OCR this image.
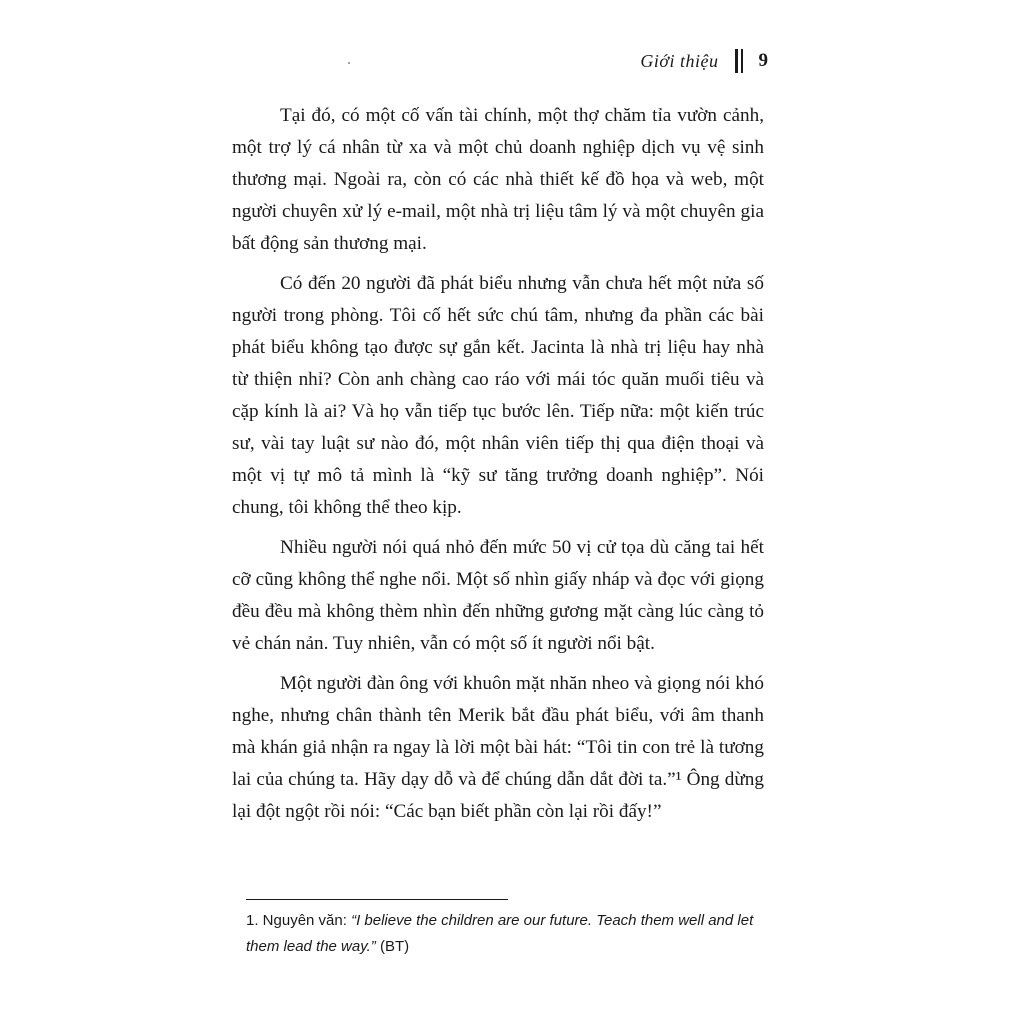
Giới thiệu 9

Tại đó, có một cố vấn tài chính, một thợ chăm tỉa vườn cảnh, một trợ lý cá nhân từ xa và một chủ doanh nghiệp dịch vụ vệ sinh thương mại. Ngoài ra, còn có các nhà thiết kế đồ họa và web, một người chuyên xử lý e-mail, một nhà trị liệu tâm lý và một chuyên gia bất động sản thương mại.

Có đến 20 người đã phát biểu nhưng vẫn chưa hết một nửa số người trong phòng. Tôi cố hết sức chú tâm, nhưng đa phần các bài phát biểu không tạo được sự gắn kết. Jacinta là nhà trị liệu hay nhà từ thiện nhỉ? Còn anh chàng cao ráo với mái tóc quăn muối tiêu và cặp kính là ai? Và họ vẫn tiếp tục bước lên. Tiếp nữa: một kiến trúc sư, vài tay luật sư nào đó, một nhân viên tiếp thị qua điện thoại và một vị tự mô tả mình là “kỹ sư tăng trưởng doanh nghiệp”. Nói chung, tôi không thể theo kịp.

Nhiều người nói quá nhỏ đến mức 50 vị cử tọa dù căng tai hết cỡ cũng không thể nghe nổi. Một số nhìn giấy nháp và đọc với giọng đều đều mà không thèm nhìn đến những gương mặt càng lúc càng tỏ vẻ chán nản. Tuy nhiên, vẫn có một số ít người nổi bật.

Một người đàn ông với khuôn mặt nhăn nheo và giọng nói khó nghe, nhưng chân thành tên Merik bắt đầu phát biểu, với âm thanh mà khán giả nhận ra ngay là lời một bài hát: “Tôi tin con trẻ là tương lai của chúng ta. Hãy dạy dỗ và để chúng dẫn dắt đời ta.”¹ Ông dừng lại đột ngột rồi nói: “Các bạn biết phần còn lại rồi đấy!”

1. Nguyên văn: “I believe the children are our future. Teach them well and let them lead the way.” (BT)
